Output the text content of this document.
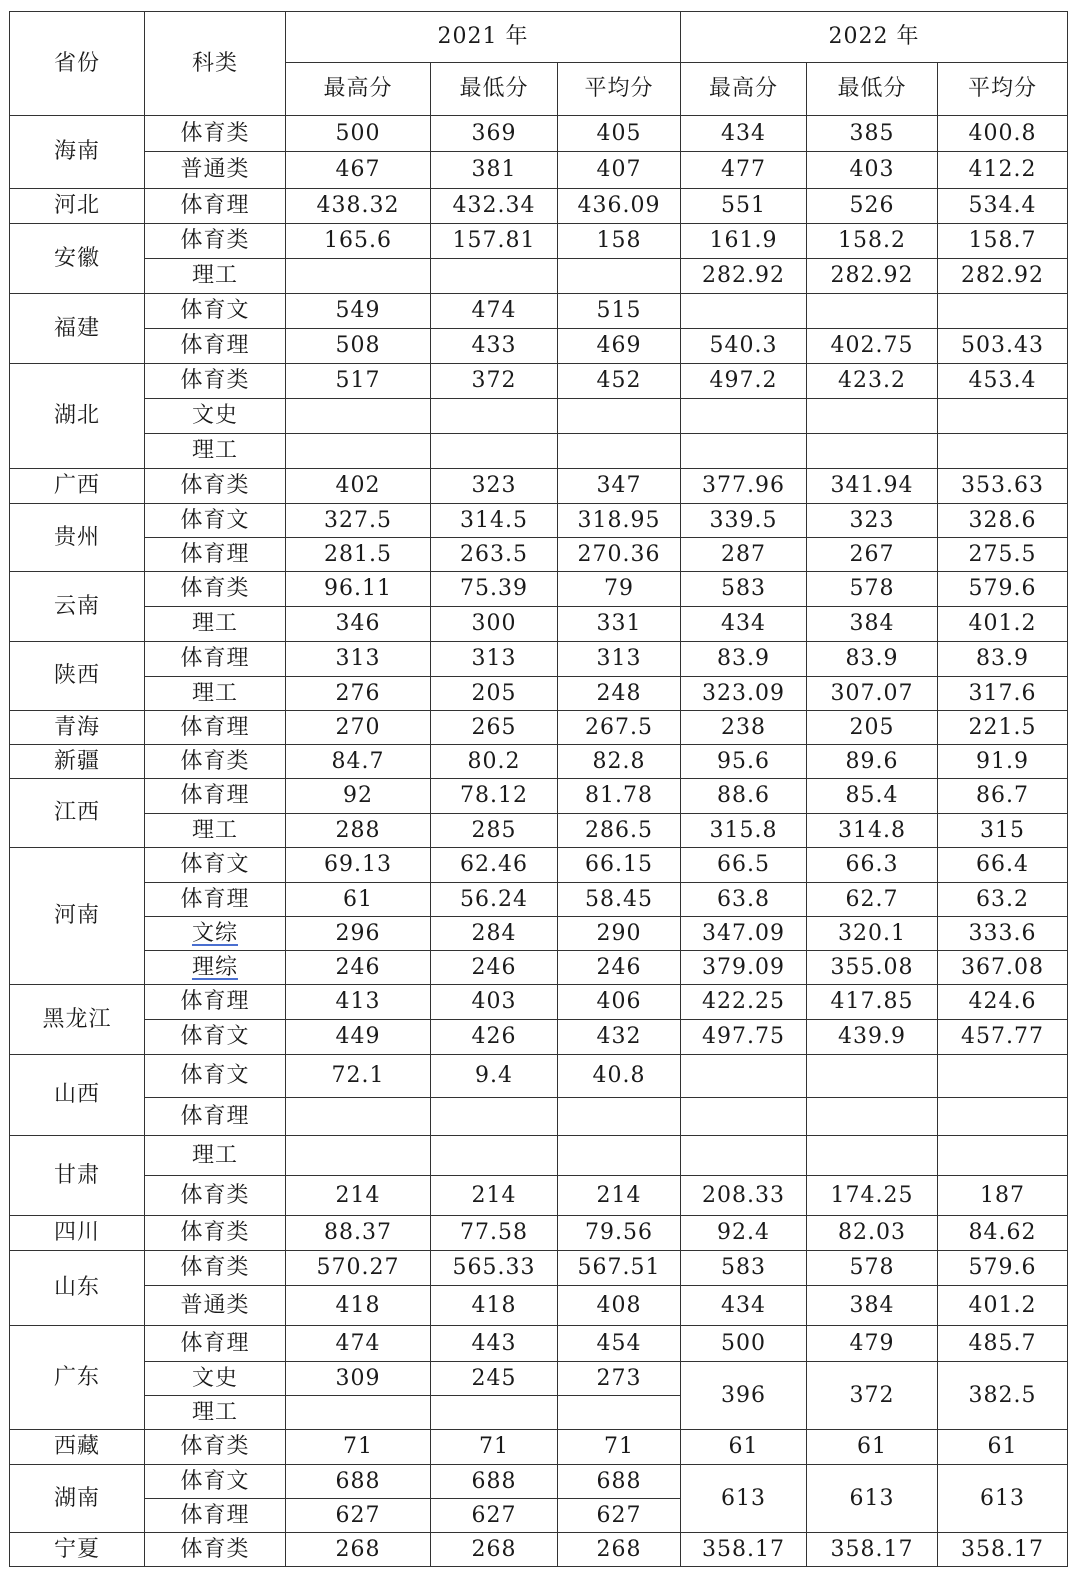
省份	科类	2021 年			2022 年		
		最高分	最低分	平均分	最高分	最低分	平均分
海南	体育类	500	369	405	434	385	400.8
	普通类	467	381	407	477	403	412.2
河北	体育理	438.32	432.34	436.09	551	526	534.4
安徽	体育类	165.6	157.81	158	161.9	158.2	158.7
	理工				282.92	282.92	282.92
福建	体育文	549	474	515			
	体育理	508	433	469	540.3	402.75	503.43
湖北	体育类	517	372	452	497.2	423.2	453.4
	文史						
	理工						
广西	体育类	402	323	347	377.96	341.94	353.63
贵州	体育文	327.5	314.5	318.95	339.5	323	328.6
	体育理	281.5	263.5	270.36	287	267	275.5
云南	体育类	96.11	75.39	79	583	578	579.6
	理工	346	300	331	434	384	401.2
陕西	体育理	313	313	313	83.9	83.9	83.9
	理工	276	205	248	323.09	307.07	317.6
青海	体育理	270	265	267.5	238	205	221.5
新疆	体育类	84.7	80.2	82.8	95.6	89.6	91.9
江西	体育理	92	78.12	81.78	88.6	85.4	86.7
	理工	288	285	286.5	315.8	314.8	315
河南	体育文	69.13	62.46	66.15	66.5	66.3	66.4
	体育理	61	56.24	58.45	63.8	62.7	63.2
	文综	296	284	290	347.09	320.1	333.6
	理综	246	246	246	379.09	355.08	367.08
黑龙江	体育理	413	403	406	422.25	417.85	424.6
	体育文	449	426	432	497.75	439.9	457.77
山西	体育文	72.1	9.4	40.8			
	体育理						
甘肃	理工						
	体育类	214	214	214	208.33	174.25	187
四川	体育类	88.37	77.58	79.56	92.4	82.03	84.62
山东	体育类	570.27	565.33	567.51	583	578	579.6
	普通类	418	418	408	434	384	401.2
广东	体育理	474	443	454	500	479	485.7
	文史	309	245	273	396	372	382.5
	理工						
西藏	体育类	71	71	71	61	61	61
湖南	体育文	688	688	688	613	613	613
	体育理	627	627	627			
宁夏	体育类	268	268	268	358.17	358.17	358.17
